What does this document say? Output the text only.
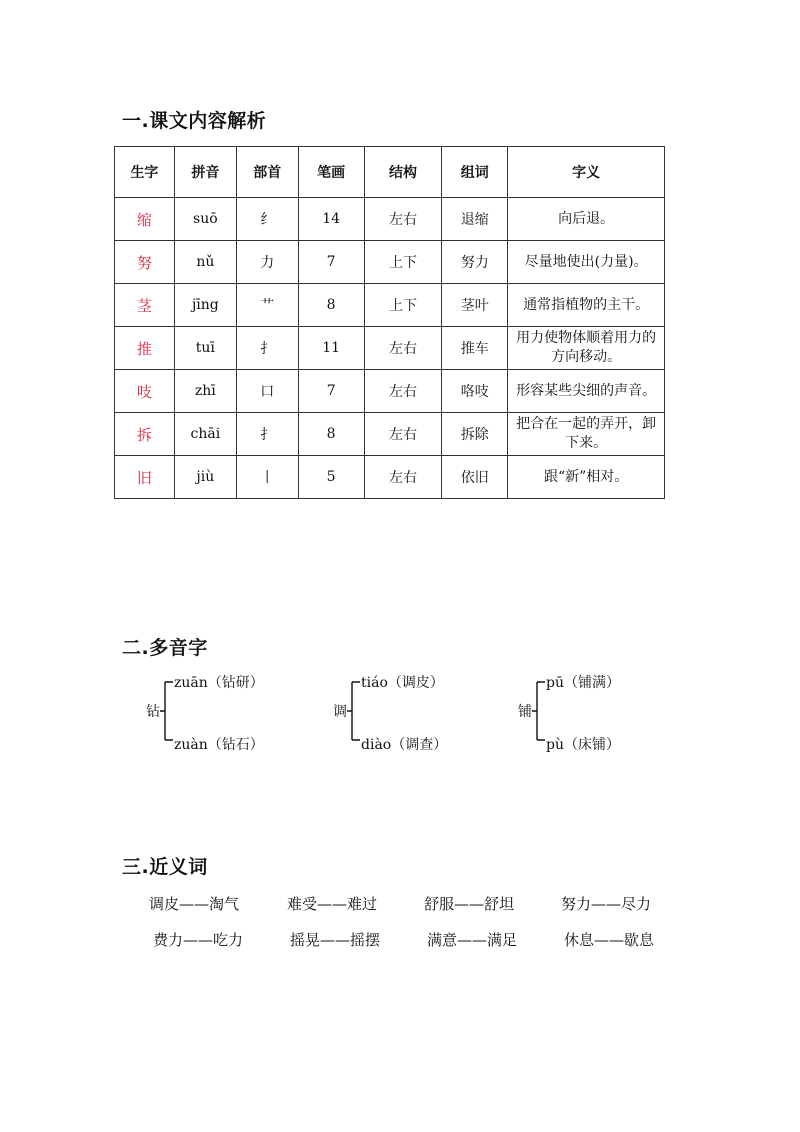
一.课文内容解析
生字	拼音	部首	笔画	结构	组词	字义
缩	suō	纟	14	左右	退缩	向后退。
努	nǔ	力	7	上下	努力	尽量地使出(力量)。
茎	jīng	艹	8	上下	茎叶	通常指植物的主干。
推	tuī	扌	11	左右	推车	用力使物体顺着用力的方向移动。
吱	zhī	口	7	左右	咯吱	形容某些尖细的声音。
拆	chāi	扌	8	左右	拆除	把合在一起的弄开，卸下来。
旧	jiù	丨	5	左右	依旧	跟“新”相对。
二.多音字
钻
zuān（钻研）
zuàn（钻石）
调
tiáo（调皮）
diào（调查）
铺
pū（铺满）
pù（床铺）
三.近义词
调皮——淘气	难受——难过	舒服——舒坦	努力——尽力
费力——吃力	摇晃——摇摆	满意——满足	休息——歇息
